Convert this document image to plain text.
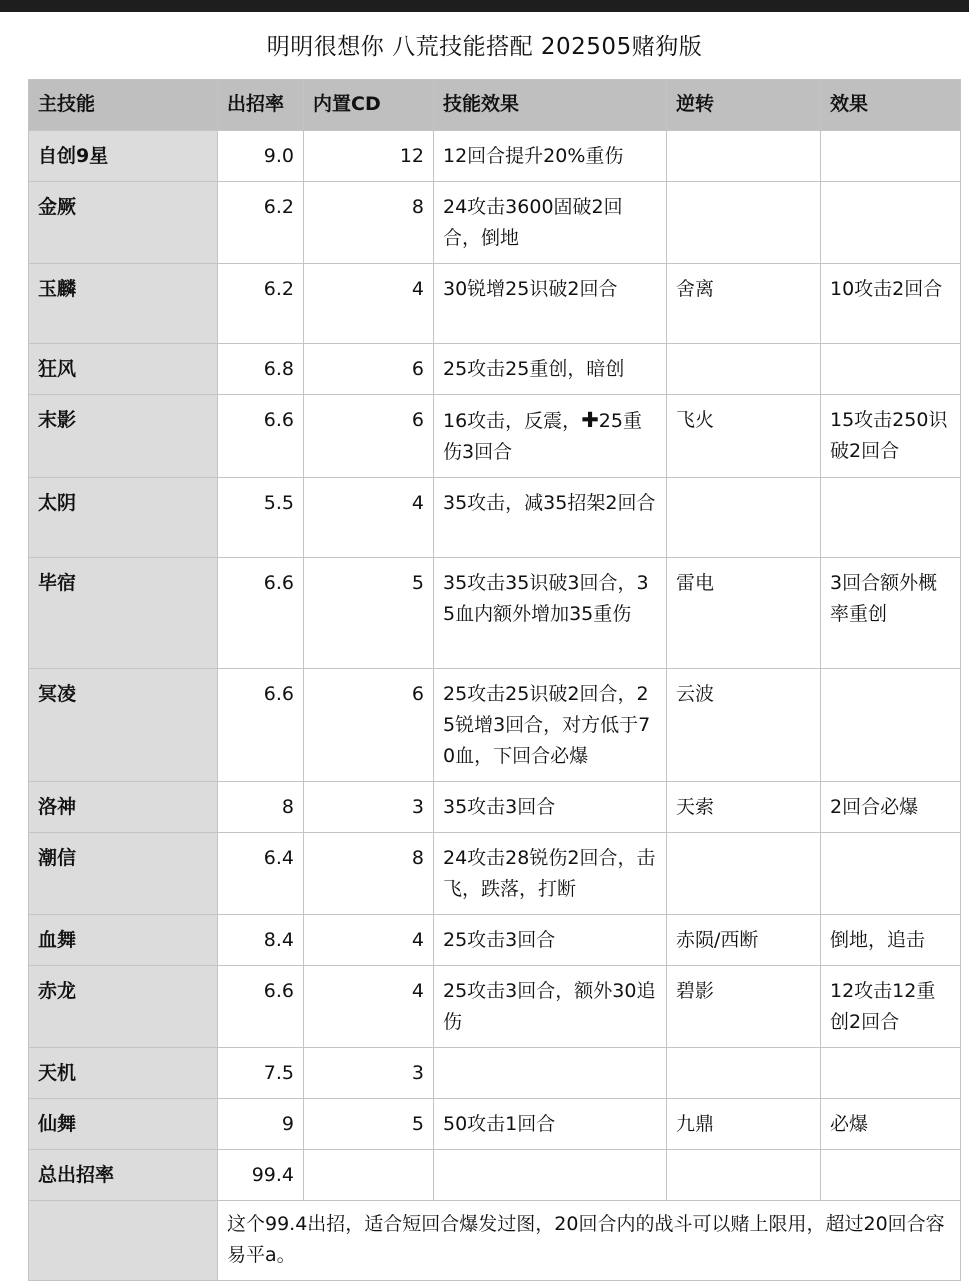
明明很想你 八荒技能搭配 202505赌狗版
主技能	出招率	内置CD	技能效果	逆转	效果
自创9星	9.0	12	12回合提升20%重伤		
金厥	6.2	8	24攻击3600固破2回合，倒地		
玉麟	6.2	4	30锐增25识破2回合	舍离	10攻击2回合
狂风	6.8	6	25攻击25重创，暗创		
末影	6.6	6	16攻击，反震，✚25重伤3回合	飞火	15攻击250识破2回合
太阴	5.5	4	35攻击，减35招架2回合		
毕宿	6.6	5	35攻击35识破3回合，35血内额外增加35重伤	雷电	3回合额外概率重创
冥凌	6.6	6	25攻击25识破2回合，25锐增3回合，对方低于70血，下回合必爆	云波	
洛神	8	3	35攻击3回合	天索	2回合必爆
潮信	6.4	8	24攻击28锐伤2回合，击飞，跌落，打断		
血舞	8.4	4	25攻击3回合	赤陨/西断	倒地，追击
赤龙	6.6	4	25攻击3回合，额外30追伤	碧影	12攻击12重创2回合
天机	7.5	3			
仙舞	9	5	50攻击1回合	九鼎	必爆
总出招率	99.4				
	这个99.4出招，适合短回合爆发过图，20回合内的战斗可以赌上限用，超过20回合容易平a。				
